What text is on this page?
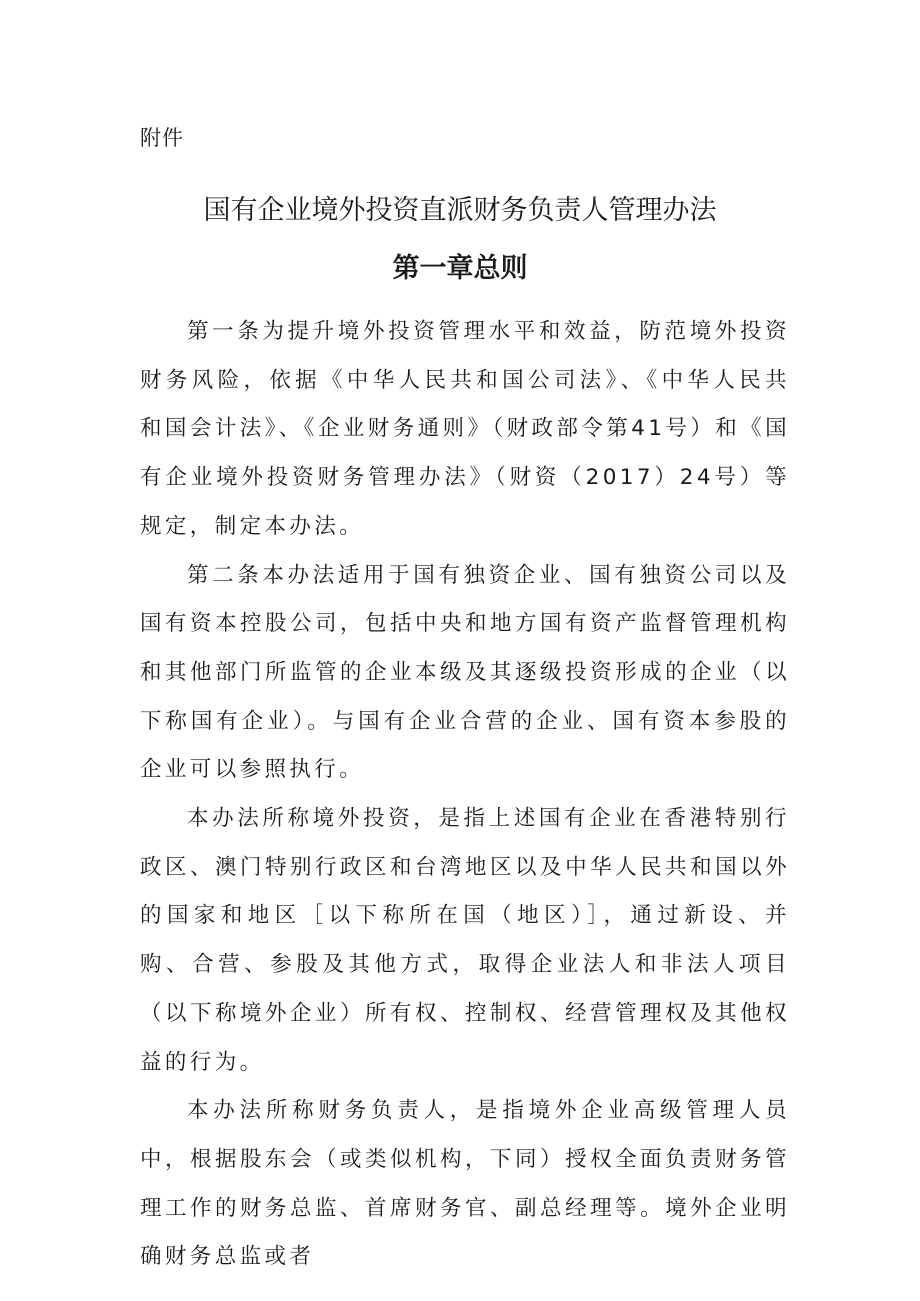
附件
国有企业境外投资直派财务负责人管理办法
第一章总则

第一条为提升境外投资管理水平和效益，防范境外投资财务风险，依据《中华人民共和国公司法》、《中华人民共和国会计法》、《企业财务通则》（财政部令第41号）和《国有企业境外投资财务管理办法》（财资（2017）24号）等规定，制定本办法。

第二条本办法适用于国有独资企业、国有独资公司以及国有资本控股公司，包括中央和地方国有资产监督管理机构和其他部门所监管的企业本级及其逐级投资形成的企业（以下称国有企业）。与国有企业合营的企业、国有资本参股的企业可以参照执行。

本办法所称境外投资，是指上述国有企业在香港特别行政区、澳门特别行政区和台湾地区以及中华人民共和国以外的国家和地区［以下称所在国（地区）］，通过新设、并购、合营、参股及其他方式，取得企业法人和非法人项目（以下称境外企业）所有权、控制权、经营管理权及其他权益的行为。

本办法所称财务负责人，是指境外企业高级管理人员中，根据股东会（或类似机构，下同）授权全面负责财务管理工作的财务总监、首席财务官、副总经理等。境外企业明确财务总监或者
